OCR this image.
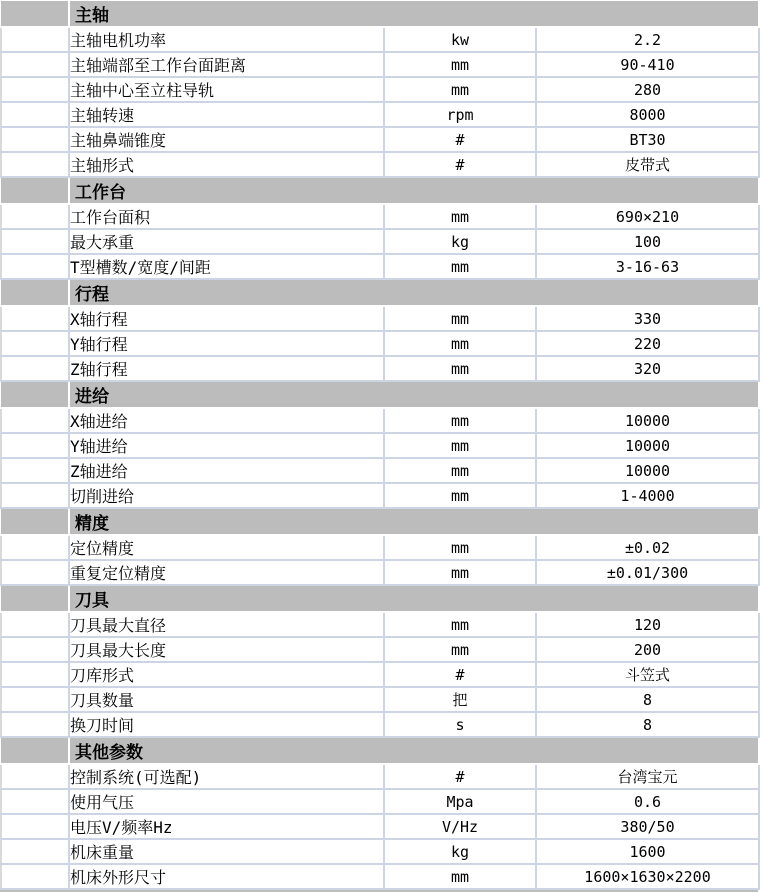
	主轴		
	主轴电机功率	kw	2.2
	主轴端部至工作台面距离	mm	90-410
	主轴中心至立柱导轨	mm	280
	主轴转速	rpm	8000
	主轴鼻端锥度	#	BT30
	主轴形式	#	皮带式
	工作台		
	工作台面积	mm	690×210
	最大承重	kg	100
	T型槽数/宽度/间距	mm	3-16-63
	行程		
	X轴行程	mm	330
	Y轴行程	mm	220
	Z轴行程	mm	320
	进给		
	X轴进给	mm	10000
	Y轴进给	mm	10000
	Z轴进给	mm	10000
	切削进给	mm	1-4000
	精度		
	定位精度	mm	±0.02
	重复定位精度	mm	±0.01/300
	刀具		
	刀具最大直径	mm	120
	刀具最大长度	mm	200
	刀库形式	#	斗笠式
	刀具数量	把	8
	换刀时间	s	8
	其他参数		
	控制系统(可选配)	#	台湾宝元
	使用气压	Mpa	0.6
	电压V/频率Hz	V/Hz	380/50
	机床重量	kg	1600
	机床外形尺寸	mm	1600×1630×2200
